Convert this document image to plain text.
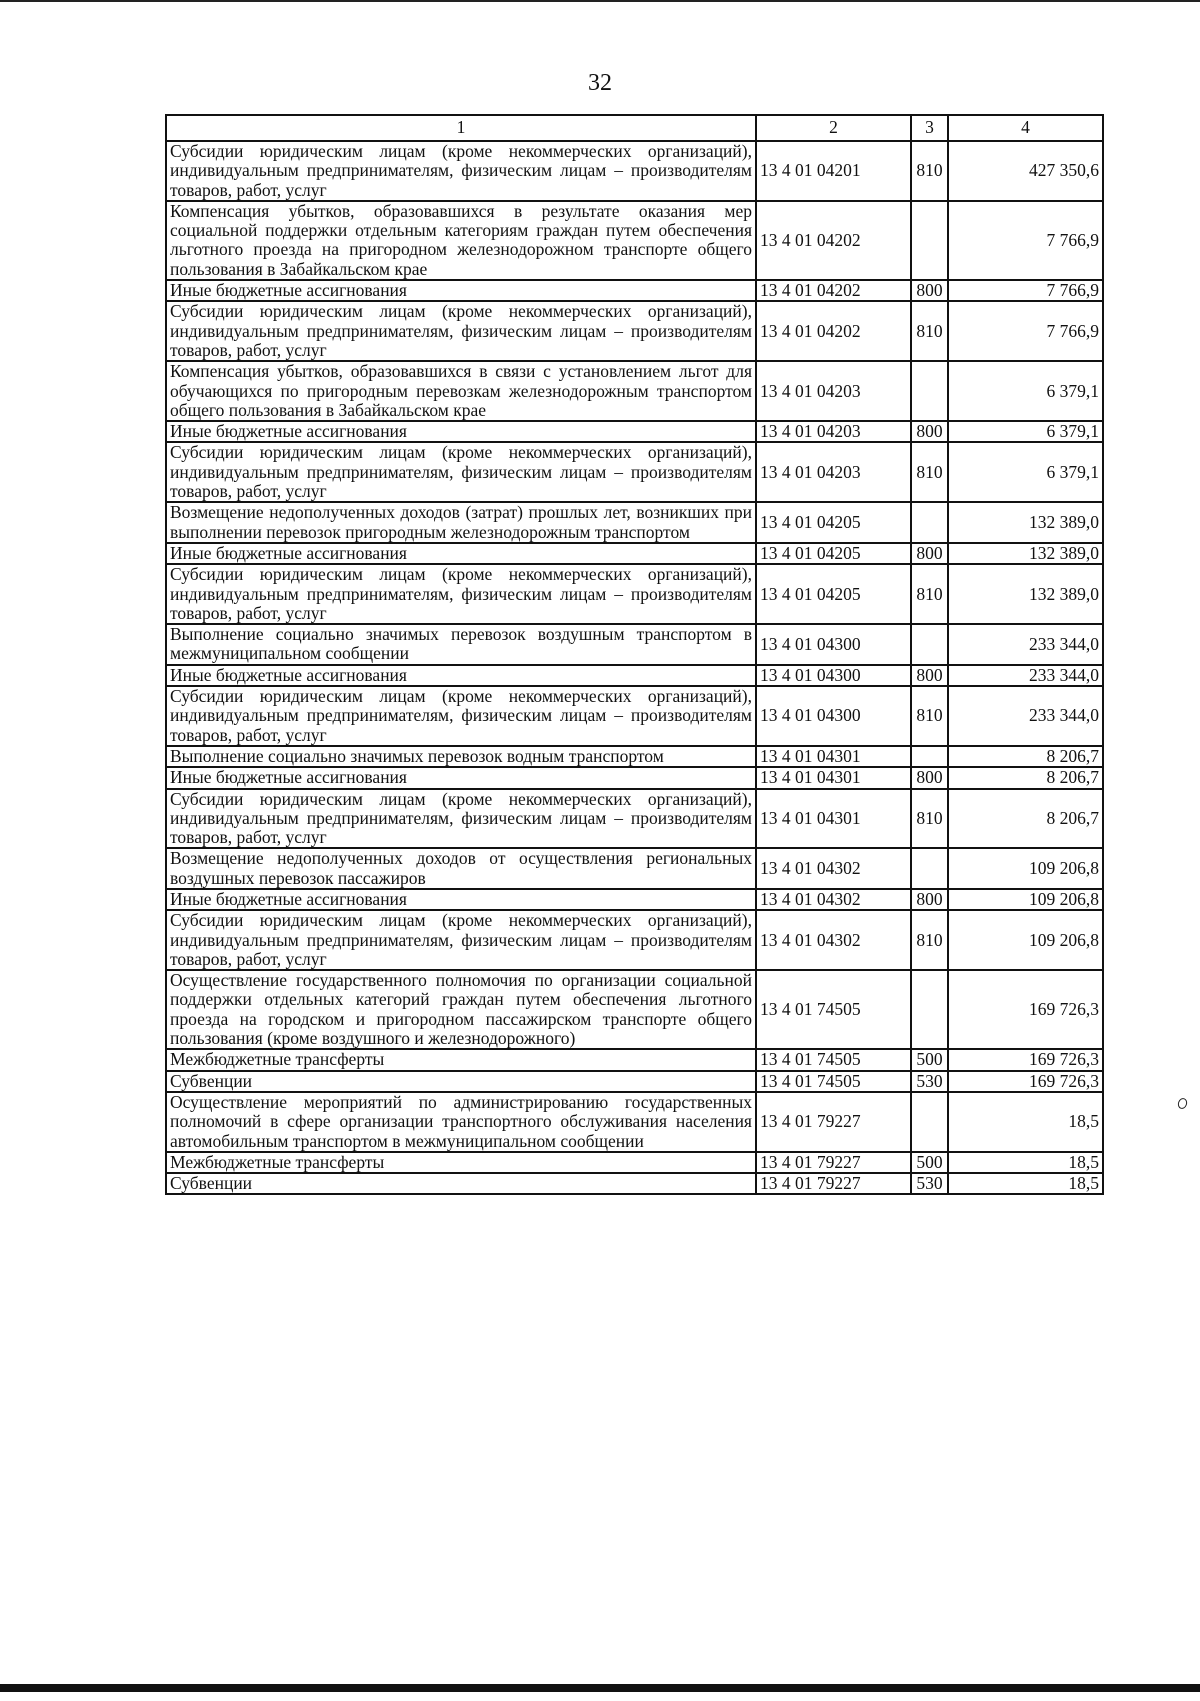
32
1	2	3	4
Субсидии юридическим лицам (кроме некоммерческих организаций), индивидуальным предпринимателям, физическим лицам – производителям товаров, работ, услуг	13 4 01 04201	810	427 350,6
Компенсация убытков, образовавшихся в результате оказания мер социальной поддержки отдельным категориям граждан путем обеспечения льготного проезда на пригородном железнодорожном транспорте общего пользования в Забайкальском крае	13 4 01 04202		7 766,9
Иные бюджетные ассигнования	13 4 01 04202	800	7 766,9
Субсидии юридическим лицам (кроме некоммерческих организаций), индивидуальным предпринимателям, физическим лицам – производителям товаров, работ, услуг	13 4 01 04202	810	7 766,9
Компенсация убытков, образовавшихся в связи с установлением льгот для обучающихся по пригородным перевозкам железнодорожным транспортом общего пользования в Забайкальском крае	13 4 01 04203		6 379,1
Иные бюджетные ассигнования	13 4 01 04203	800	6 379,1
Субсидии юридическим лицам (кроме некоммерческих организаций), индивидуальным предпринимателям, физическим лицам – производителям товаров, работ, услуг	13 4 01 04203	810	6 379,1
Возмещение недополученных доходов (затрат) прошлых лет, возникших при выполнении перевозок пригородным железнодорожным транспортом	13 4 01 04205		132 389,0
Иные бюджетные ассигнования	13 4 01 04205	800	132 389,0
Субсидии юридическим лицам (кроме некоммерческих организаций), индивидуальным предпринимателям, физическим лицам – производителям товаров, работ, услуг	13 4 01 04205	810	132 389,0
Выполнение социально значимых перевозок воздушным транспортом в межмуниципальном сообщении	13 4 01 04300		233 344,0
Иные бюджетные ассигнования	13 4 01 04300	800	233 344,0
Субсидии юридическим лицам (кроме некоммерческих организаций), индивидуальным предпринимателям, физическим лицам – производителям товаров, работ, услуг	13 4 01 04300	810	233 344,0
Выполнение социально значимых перевозок водным транспортом	13 4 01 04301		8 206,7
Иные бюджетные ассигнования	13 4 01 04301	800	8 206,7
Субсидии юридическим лицам (кроме некоммерческих организаций), индивидуальным предпринимателям, физическим лицам – производителям товаров, работ, услуг	13 4 01 04301	810	8 206,7
Возмещение недополученных доходов от осуществления региональных воздушных перевозок пассажиров	13 4 01 04302		109 206,8
Иные бюджетные ассигнования	13 4 01 04302	800	109 206,8
Субсидии юридическим лицам (кроме некоммерческих организаций), индивидуальным предпринимателям, физическим лицам – производителям товаров, работ, услуг	13 4 01 04302	810	109 206,8
Осуществление государственного полномочия по организации социальной поддержки отдельных категорий граждан путем обеспечения льготного проезда на городском и пригородном пассажирском транспорте общего пользования (кроме воздушного и железнодорожного)	13 4 01 74505		169 726,3
Межбюджетные трансферты	13 4 01 74505	500	169 726,3
Субвенции	13 4 01 74505	530	169 726,3
Осуществление мероприятий по администрированию государственных полномочий в сфере организации транспортного обслуживания населения автомобильным транспортом в межмуниципальном сообщении	13 4 01 79227		18,5
Межбюджетные трансферты	13 4 01 79227	500	18,5
Субвенции	13 4 01 79227	530	18,5
